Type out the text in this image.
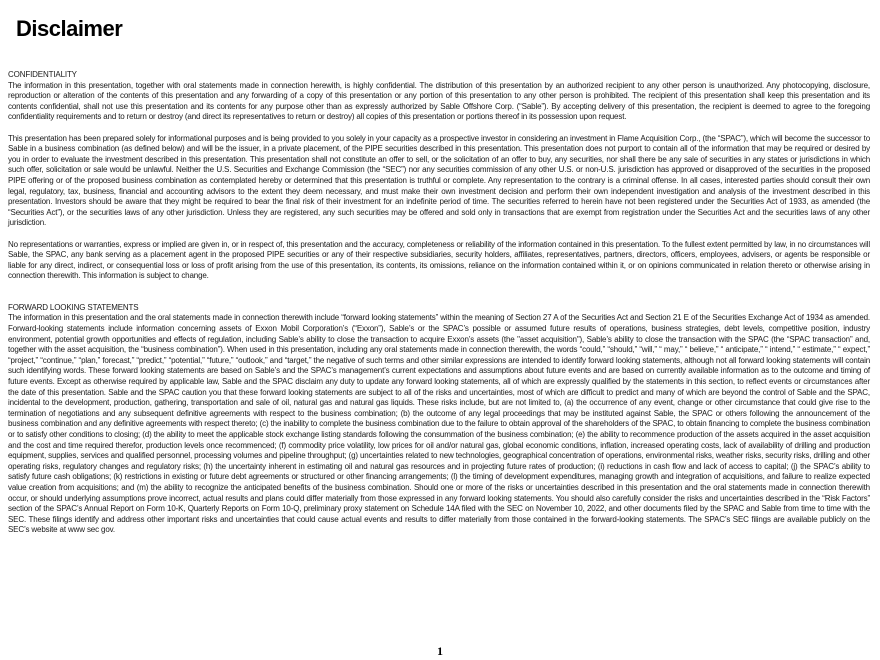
Disclaimer
CONFIDENTIALITY

The information in this presentation, together with oral statements made in connection herewith, is highly confidential. The distribution of this presentation by an authorized recipient to any other person is unauthorized. Any photocopying, disclosure, reproduction or alteration of the contents of this presentation and any forwarding of a copy of this presentation or any portion of this presentation to any other person is prohibited. The recipient of this presentation shall keep this presentation and its contents confidential, shall not use this presentation and its contents for any purpose other than as expressly authorized by Sable Offshore Corp. (“Sable”). By accepting delivery of this presentation, the recipient is deemed to agree to the foregoing confidentiality requirements and to return or destroy (and direct its representatives to return or destroy) all copies of this presentation or portions thereof in its possession upon request.

This presentation has been prepared solely for informational purposes and is being provided to you solely in your capacity as a prospective investor in considering an investment in Flame Acquisition Corp., (the “SPAC”), which will become the successor to Sable in a business combination (as defined below) and will be the issuer, in a private placement, of the PIPE securities described in this presentation. This presentation does not purport to contain all of the information that may be required or desired by you in order to evaluate the investment described in this presentation. This presentation shall not constitute an offer to sell, or the solicitation of an offer to buy, any securities, nor shall there be any sale of securities in any states or jurisdictions in which such offer, solicitation or sale would be unlawful. Neither the U.S. Securities and Exchange Commission (the “SEC”) nor any securities commission of any other U.S. or non-U.S. jurisdiction has approved or disapproved of the securities in the proposed PIPE offering or of the proposed business combination as contemplated hereby or determined that this presentation is truthful or complete. Any representation to the contrary is a criminal offense. In all cases, interested parties should consult their own legal, regulatory, tax, business, financial and accounting advisors to the extent they deem necessary, and must make their own investment decision and perform their own independent investigation and analysis of the investment described in this presentation. Investors should be aware that they might be required to bear the final risk of their investment for an indefinite period of time. The securities referred to herein have not been registered under the Securities Act of 1933, as amended (the “Securities Act”), or the securities laws of any other jurisdiction. Unless they are registered, any such securities may be offered and sold only in transactions that are exempt from registration under the Securities Act and the securities laws of any other jurisdiction.

No representations or warranties, express or implied are given in, or in respect of, this presentation and the accuracy, completeness or reliability of the information contained in this presentation. To the fullest extent permitted by law, in no circumstances will Sable, the SPAC, any bank serving as a placement agent in the proposed PIPE securities or any of their respective subsidiaries, security holders, affiliates, representatives, partners, directors, officers, employees, advisers, or agents be responsible or liable for any direct, indirect, or consequential loss or loss of profit arising from the use of this presentation, its contents, its omissions, reliance on the information contained within it, or on opinions communicated in relation thereto or otherwise arising in connection therewith. This information is subject to change.

FORWARD LOOKING STATEMENTS

The information in this presentation and the oral statements made in connection therewith include “forward looking statements” within the meaning of Section 27 A of the Securities Act and Section 21 E of the Securities Exchange Act of 1934 as amended. Forward-looking statements include information concerning assets of Exxon Mobil Corporation’s (“Exxon”), Sable’s or the SPAC’s possible or assumed future results of operations, business strategies, debt levels, competitive position, industry environment, potential growth opportunities and effects of regulation, including Sable’s ability to close the transaction to acquire Exxon’s assets (the "asset acquisition"), Sable’s ability to close the transaction with the SPAC (the “SPAC transaction” and, together with the asset acquisition, the “business combination”). When used in this presentation, including any oral statements made in connection therewith, the words “could,” “should,” “will,” “ may,” “ believe,” “ anticipate,” “ intend,” “ estimate,” “ expect,” “project,” “continue,” “plan,” forecast,” “predict,” “potential,” “future,” “outlook,” and “target,” the negative of such terms and other similar expressions are intended to identify forward looking statements, although not all forward looking statements will contain such identifying words. These forward looking statements are based on Sable’s and the SPAC’s management’s current expectations and assumptions about future events and are based on currently available information as to the outcome and timing of future events. Except as otherwise required by applicable law, Sable and the SPAC disclaim any duty to update any forward looking statements, all of which are expressly qualified by the statements in this section, to reflect events or circumstances after the date of this presentation. Sable and the SPAC caution you that these forward looking statements are subject to all of the risks and uncertainties, most of which are difficult to predict and many of which are beyond the control of Sable and the SPAC, incidental to the development, production, gathering, transportation and sale of oil, natural gas and natural gas liquids. These risks include, but are not limited to, (a) the occurrence of any event, change or other circumstance that could give rise to the termination of negotiations and any subsequent definitive agreements with respect to the business combination; (b) the outcome of any legal proceedings that may be instituted against Sable, the SPAC or others following the announcement of the business combination and any definitive agreements with respect thereto; (c) the inability to complete the business combination due to the failure to obtain approval of the shareholders of the SPAC, to obtain financing to complete the business combination or to satisfy other conditions to closing; (d) the ability to meet the applicable stock exchange listing standards following the consummation of the business combination; (e) the ability to recommence production of the assets acquired in the asset acquisition and the cost and time required therefor, production levels once recommenced; (f) commodity price volatility, low prices for oil and/or natural gas, global economic conditions, inflation, increased operating costs, lack of availability of drilling and production equipment, supplies, services and qualified personnel, processing volumes and pipeline throughput; (g) uncertainties related to new technologies, geographical concentration of operations, environmental risks, weather risks, security risks, drilling and other operating risks, regulatory changes and regulatory risks; (h) the uncertainty inherent in estimating oil and natural gas resources and in projecting future rates of production; (i) reductions in cash flow and lack of access to capital; (j) the SPAC’s ability to satisfy future cash obligations; (k) restrictions in existing or future debt agreements or structured or other financing arrangements; (l) the timing of development expenditures, managing growth and integration of acquisitions, and failure to realize expected value creation from acquisitions; and (m) the ability to recognize the anticipated benefits of the business combination. Should one or more of the risks or uncertainties described in this presentation and the oral statements made in connection therewith occur, or should underlying assumptions prove incorrect, actual results and plans could differ materially from those expressed in any forward looking statements. You should also carefully consider the risks and uncertainties described in the “Risk Factors” section of the SPAC’s Annual Report on Form 10-K, Quarterly Reports on Form 10-Q, preliminary proxy statement on Schedule 14A filed with the SEC on November 10, 2022, and other documents filed by the SPAC and Sable from time to time with the SEC. These filings identify and address other important risks and uncertainties that could cause actual events and results to differ materially from those contained in the forward-looking statements. The SPAC’s SEC filings are available publicly on the SEC’s website at www sec gov.

1
